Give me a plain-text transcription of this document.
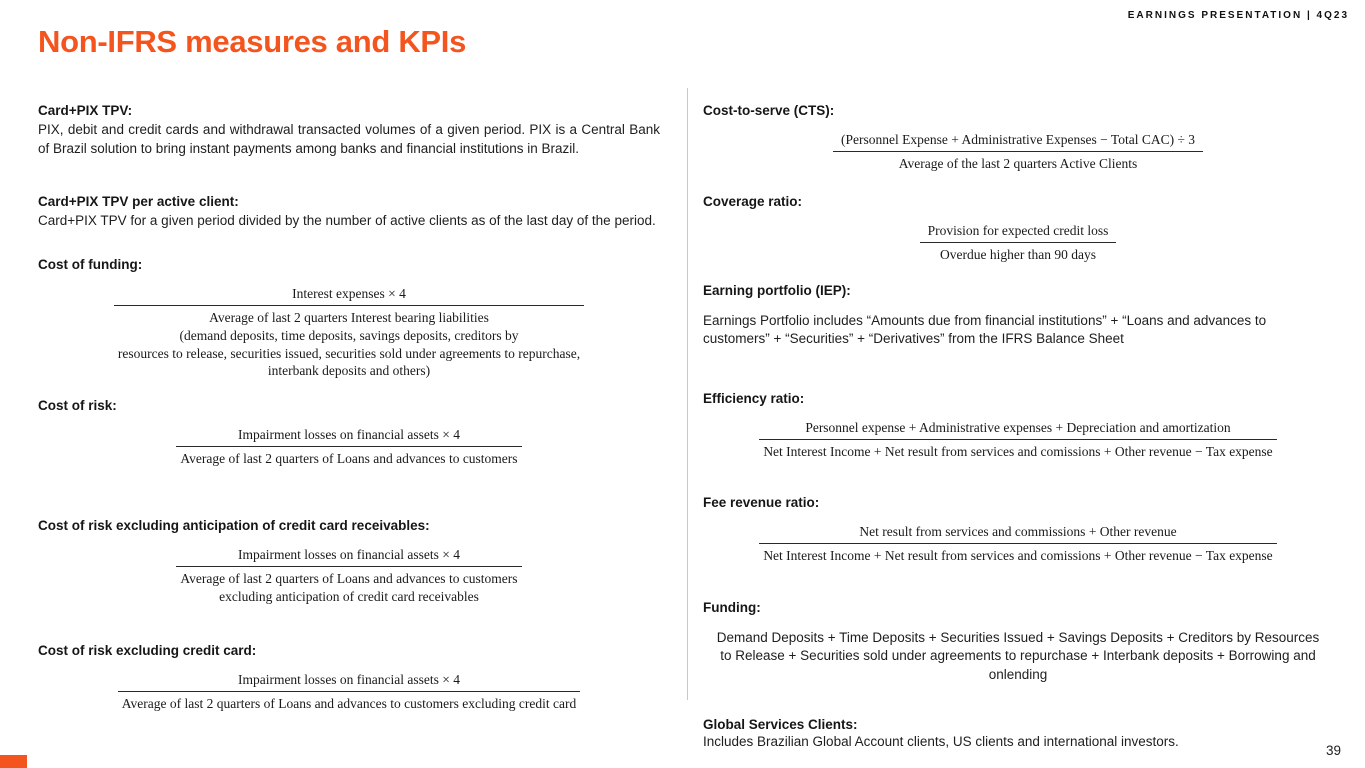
EARNINGS PRESENTATION | 4Q23
Non-IFRS measures and KPIs
Card+PIX TPV:

PIX, debit and credit cards and withdrawal transacted volumes of a given period. PIX is a Central Bank of Brazil solution to bring instant payments among banks and financial institutions in Brazil.

Card+PIX TPV per active client:

Card+PIX TPV for a given period divided by the number of active clients as of the last day of the period.

Cost of funding:
Interest expenses × 4
Average of last 2 quarters Interest bearing liabilities
(demand deposits, time deposits, savings deposits, creditors by
resources to release, securities issued, securities sold under agreements to repurchase,
interbank deposits and others)
Cost of risk:
Impairment losses on financial assets × 4
Average of last 2 quarters of Loans and advances to customers
Cost of risk excluding anticipation of credit card receivables:
Impairment losses on financial assets × 4
Average of last 2 quarters of Loans and advances to customers
excluding anticipation of credit card receivables
Cost of risk excluding credit card:
Impairment losses on financial assets × 4
Average of last 2 quarters of Loans and advances to customers excluding credit card
Cost-to-serve (CTS):
(Personnel Expense + Administrative Expenses − Total CAC) ÷ 3
Average of the last 2 quarters Active Clients
Coverage ratio:
$\frac{\text{Provision for expected credit loss}}{\text{Overdue higher than 90 days}}$
Earning portfolio (IEP):

Earnings Portfolio includes “Amounts due from financial institutions” + “Loans and advances to customers” + “Securities” + “Derivatives” from the IFRS Balance Sheet

Efficiency ratio:
Personnel expense + Administrative expenses + Depreciation and amortization
Net Interest Income + Net result from services and comissions + Other revenue − Tax expense
Fee revenue ratio:
Net result from services and commissions + Other revenue
Net Interest Income + Net result from services and comissions + Other revenue − Tax expense
Funding:

Demand Deposits + Time Deposits + Securities Issued + Savings Deposits + Creditors by Resources to Release + Securities sold under agreements to repurchase + Interbank deposits + Borrowing and onlending

Global Services Clients:

Includes Brazilian Global Account clients, US clients and international investors.

39
